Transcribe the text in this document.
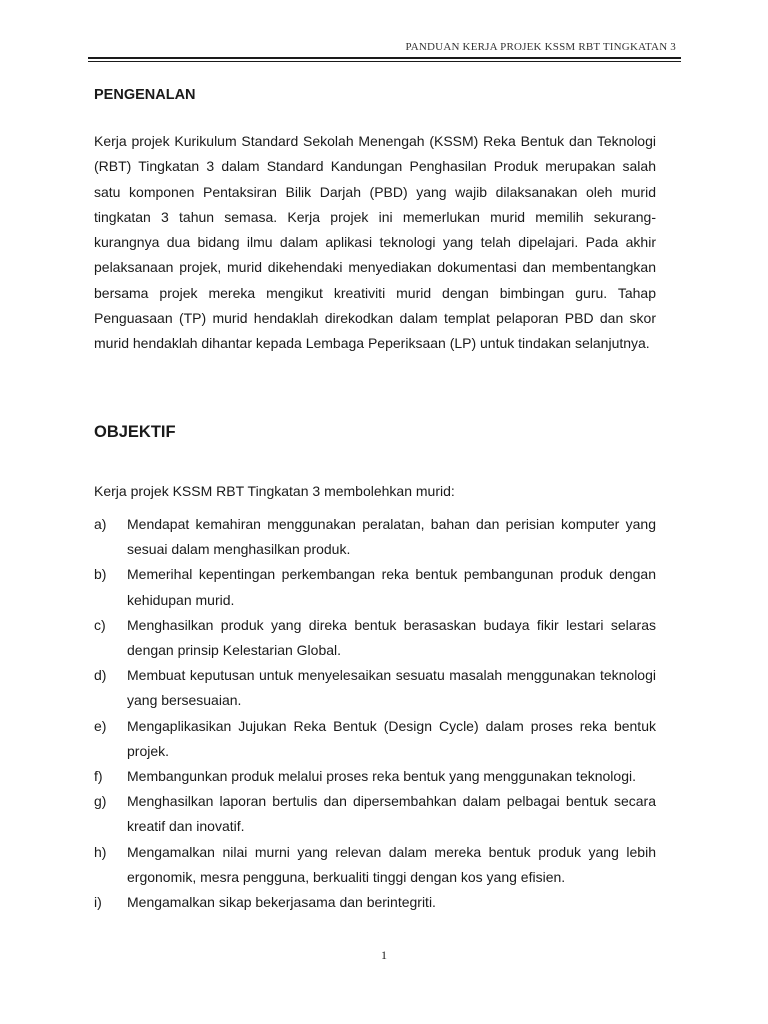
PANDUAN KERJA PROJEK KSSM RBT TINGKATAN 3
PENGENALAN

Kerja projek Kurikulum Standard Sekolah Menengah (KSSM) Reka Bentuk dan Teknologi (RBT) Tingkatan 3 dalam Standard Kandungan Penghasilan Produk merupakan salah satu komponen Pentaksiran Bilik Darjah (PBD) yang wajib dilaksanakan oleh murid tingkatan 3 tahun semasa. Kerja projek ini memerlukan murid memilih sekurang-kurangnya dua bidang ilmu dalam aplikasi teknologi yang telah dipelajari. Pada akhir pelaksanaan projek, murid dikehendaki menyediakan dokumentasi dan membentangkan bersama projek mereka mengikut kreativiti murid dengan bimbingan guru. Tahap Penguasaan (TP) murid hendaklah direkodkan dalam templat pelaporan PBD dan skor murid hendaklah dihantar kepada Lembaga Peperiksaan (LP) untuk tindakan selanjutnya.

OBJEKTIF

Kerja projek KSSM RBT Tingkatan 3 membolehkan murid:

a)	Mendapat kemahiran menggunakan peralatan, bahan dan perisian komputer yang sesuai dalam menghasilkan produk.
b)	Memerihal kepentingan perkembangan reka bentuk pembangunan produk dengan kehidupan murid.
c)	Menghasilkan produk yang direka bentuk berasaskan budaya fikir lestari selaras dengan prinsip Kelestarian Global.
d)	Membuat keputusan untuk menyelesaikan sesuatu masalah menggunakan teknologi yang bersesuaian.
e)	Mengaplikasikan Jujukan Reka Bentuk (Design Cycle) dalam proses reka bentuk projek.
f)	Membangunkan produk melalui proses reka bentuk yang menggunakan teknologi.
g)	Menghasilkan laporan bertulis dan dipersembahkan dalam pelbagai bentuk secara kreatif dan inovatif.
h)	Mengamalkan nilai murni yang relevan dalam mereka bentuk produk yang lebih ergonomik, mesra pengguna, berkualiti tinggi dengan kos yang efisien.
i)	Mengamalkan sikap bekerjasama dan berintegriti.
1
